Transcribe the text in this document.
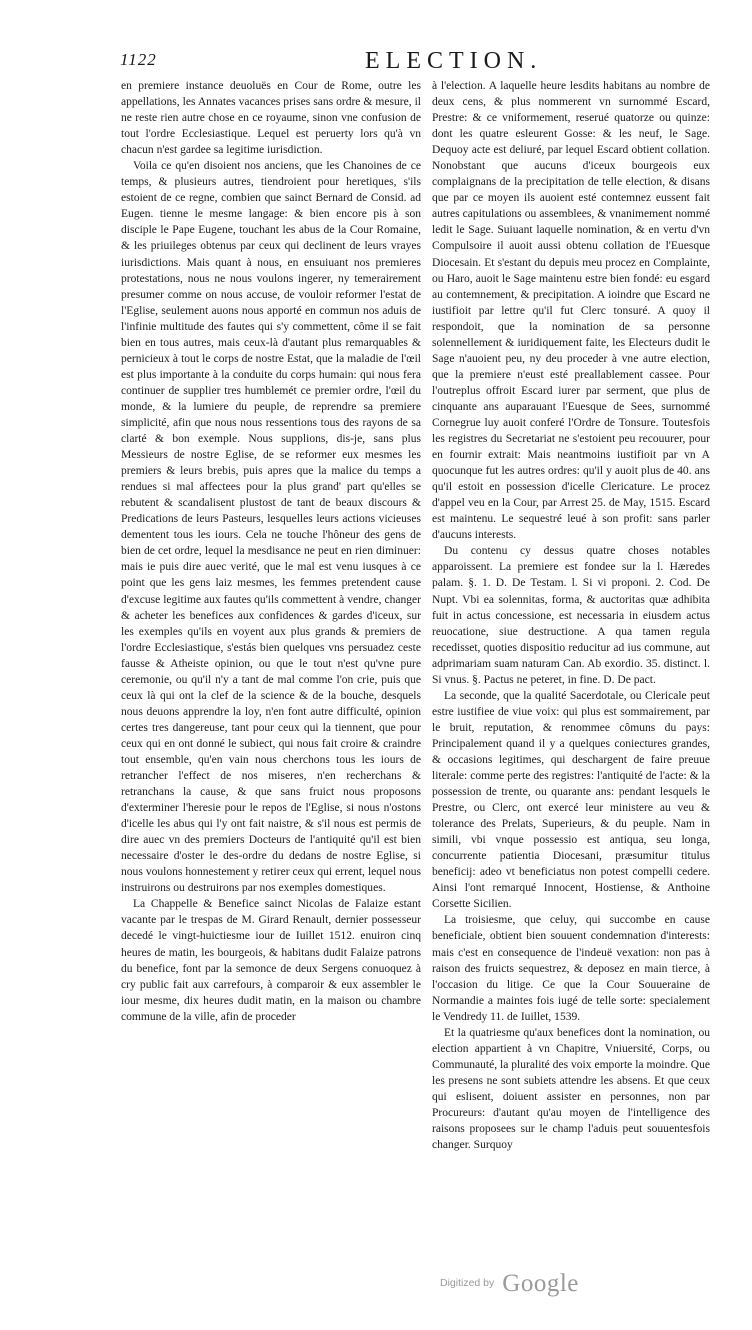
1122	ELECTION.

en premiere instance deuoluës en Cour de Rome, outre les appellations, les Annates vacances prises sans ordre & mesure, il ne reste rien autre chose en ce royaume, sinon vne confusion de tout l'ordre Ecclesiastique. Lequel est peruerty lors qu'à vn chacun n'est gardee sa legitime iurisdiction.

Voila ce qu'en disoient nos anciens, que les Chanoines de ce temps, & plusieurs autres, tiendroient pour heretiques, s'ils estoient de ce regne, combien que sainct Bernard de Consid. ad Eugen. tienne le mesme langage: & bien encore pis à son disciple le Pape Eugene, touchant les abus de la Cour Romaine, & les priuileges obtenus par ceux qui declinent de leurs vrayes iurisdictions. Mais quant à nous, en ensuiuant nos premieres protestations, nous ne nous voulons ingerer, ny temerairement presumer comme on nous accuse, de vouloir reformer l'estat de l'Eglise, seulement auons nous apporté en commun nos aduis de l'infinie multitude des fautes qui s'y commettent, côme il se fait bien en tous autres, mais ceux-là d'autant plus remarquables & pernicieux à tout le corps de nostre Estat, que la maladie de l'œil est plus importante à la conduite du corps humain: qui nous fera continuer de supplier tres humblemét ce premier ordre, l'œil du monde, & la lumiere du peuple, de reprendre sa premiere simplicité, afin que nous nous ressentions tous des rayons de sa clarté & bon exemple. Nous supplions, dis-je, sans plus Messieurs de nostre Eglise, de se reformer eux mesmes les premiers & leurs brebis, puis apres que la malice du temps a rendues si mal affectees pour la plus grand' part qu'elles se rebutent & scandalisent plustost de tant de beaux discours & Predications de leurs Pasteurs, lesquelles leurs actions vicieuses dementent tous les iours. Cela ne touche l'hôneur des gens de bien de cet ordre, lequel la mesdisance ne peut en rien diminuer: mais ie puis dire auec verité, que le mal est venu iusques à ce point que les gens laiz mesmes, les femmes pretendent cause d'excuse legitime aux fautes qu'ils commettent à vendre, changer & acheter les benefices aux confidences & gardes d'iceux, sur les exemples qu'ils en voyent aux plus grands & premiers de l'ordre Ecclesiastique, s'estás bien quelques vns persuadez ceste fausse & Atheiste opinion, ou que le tout n'est qu'vne pure ceremonie, ou qu'il n'y a tant de mal comme l'on crie, puis que ceux là qui ont la clef de la science & de la bouche, desquels nous deuons apprendre la loy, n'en font autre difficulté, opinion certes tres dangereuse, tant pour ceux qui la tiennent, que pour ceux qui en ont donné le subiect, qui nous fait croire & craindre tout ensemble, qu'en vain nous cherchons tous les iours de retrancher l'effect de nos miseres, n'en recherchans & retranchans la cause, & que sans fruict nous proposons d'exterminer l'heresie pour le repos de l'Eglise, si nous n'ostons d'icelle les abus qui l'y ont fait naistre, & s'il nous est permis de dire auec vn des premiers Docteurs de l'antiquité qu'il est bien necessaire d'oster le des-ordre du dedans de nostre Eglise, si nous voulons honnestement y retirer ceux qui errent, lequel nous instruirons ou destruirons par nos exemples domestiques.

La Chappelle & Benefice sainct Nicolas de Falaize estant vacante par le trespas de M. Girard Renault, dernier possesseur decedé le vingt-huictiesme iour de Iuillet 1512. enuiron cinq heures de matin, les bourgeois, & habitans dudit Falaize patrons du benefice, font par la semonce de deux Sergens conuoquez à cry public fait aux carrefours, à comparoir & eux assembler le iour mesme, dix heures dudit matin, en la maison ou chambre commune de la ville, afin de proceder

à l'election. A laquelle heure lesdits habitans au nombre de deux cens, & plus nommerent vn surnommé Escard, Prestre: & ce vniformement, reserué quatorze ou quinze: dont les quatre esleurent Gosse: & les neuf, le Sage. Dequoy acte est deliuré, par lequel Escard obtient collation. Nonobstant que aucuns d'iceux bourgeois eux complaignans de la precipitation de telle election, & disans que par ce moyen ils auoient esté contemnez eussent fait autres capitulations ou assemblees, & vnanimement nommé ledit le Sage. Suiuant laquelle nomination, & en vertu d'vn Compulsoire il auoit aussi obtenu collation de l'Euesque Diocesain. Et s'estant du depuis meu procez en Complainte, ou Haro, auoit le Sage maintenu estre bien fondé: eu esgard au contemnement, & precipitation. A ioindre que Escard ne iustifioit par lettre qu'il fut Clerc tonsuré. A quoy il respondoit, que la nomination de sa personne solennellement & iuridiquement faite, les Electeurs dudit le Sage n'auoient peu, ny deu proceder à vne autre election, que la premiere n'eust esté preallablement cassee. Pour l'outreplus offroit Escard iurer par serment, que plus de cinquante ans auparauant l'Euesque de Sees, surnommé Cornegrue luy auoit conferé l'Ordre de Tonsure. Toutesfois les registres du Secretariat ne s'estoient peu recouurer, pour en fournir extrait: Mais neantmoins iustifioit par vn A quocunque fut les autres ordres: qu'il y auoit plus de 40. ans qu'il estoit en possession d'icelle Clericature. Le procez d'appel veu en la Cour, par Arrest 25. de May, 1515. Escard est maintenu. Le sequestré leué à son profit: sans parler d'aucuns interests.

Du contenu cy dessus quatre choses notables apparoissent. La premiere est fondee sur la l. Hæredes palam. §. 1. D. De Testam. l. Si vi proponi. 2. Cod. De Nupt. Vbi ea solennitas, forma, & auctoritas quæ adhibita fuit in actus concessione, est necessaria in eiusdem actus reuocatione, siue destructione. A qua tamen regula recedisset, quoties dispositio reducitur ad ius commune, aut adprimariam suam naturam Can. Ab exordio. 35. distinct. l. Si vnus. §. Pactus ne peteret, in fine. D. De pact.

La seconde, que la qualité Sacerdotale, ou Clericale peut estre iustifiee de viue voix: qui plus est sommairement, par le bruit, reputation, & renommee cômuns du pays: Principalement quand il y a quelques coniectures grandes, & occasions legitimes, qui deschargent de faire preuue literale: comme perte des registres: l'antiquité de l'acte: & la possession de trente, ou quarante ans: pendant lesquels le Prestre, ou Clerc, ont exercé leur ministere au veu & tolerance des Prelats, Superieurs, & du peuple. Nam in simili, vbi vnque possessio est antiqua, seu longa, concurrente patientia Diocesani, præsumitur titulus beneficij: adeo vt beneficiatus non potest compelli cedere. Ainsi l'ont remarqué Innocent, Hostiense, & Anthoine Corsette Sicilien.

La troisiesme, que celuy, qui succombe en cause beneficiale, obtient bien souuent condemnation d'interests: mais c'est en consequence de l'indeuë vexation: non pas à raison des fruicts sequestrez, & deposez en main tierce, à l'occasion du litige. Ce que la Cour Souueraine de Normandie a maintes fois iugé de telle sorte: specialement le Vendredy 11. de Iuillet, 1539.

Et la quatriesme qu'aux benefices dont la nomination, ou election appartient à vn Chapitre, Vniuersité, Corps, ou Communauté, la pluralité des voix emporte la moindre. Que les presens ne sont subiets attendre les absens. Et que ceux qui eslisent, doiuent assister en personnes, non par Procureurs: d'autant qu'au moyen de l'intelligence des raisons proposees sur le champ l'aduis peut souuentesfois changer. Surquoy

$^{Digitized by}$ Google
